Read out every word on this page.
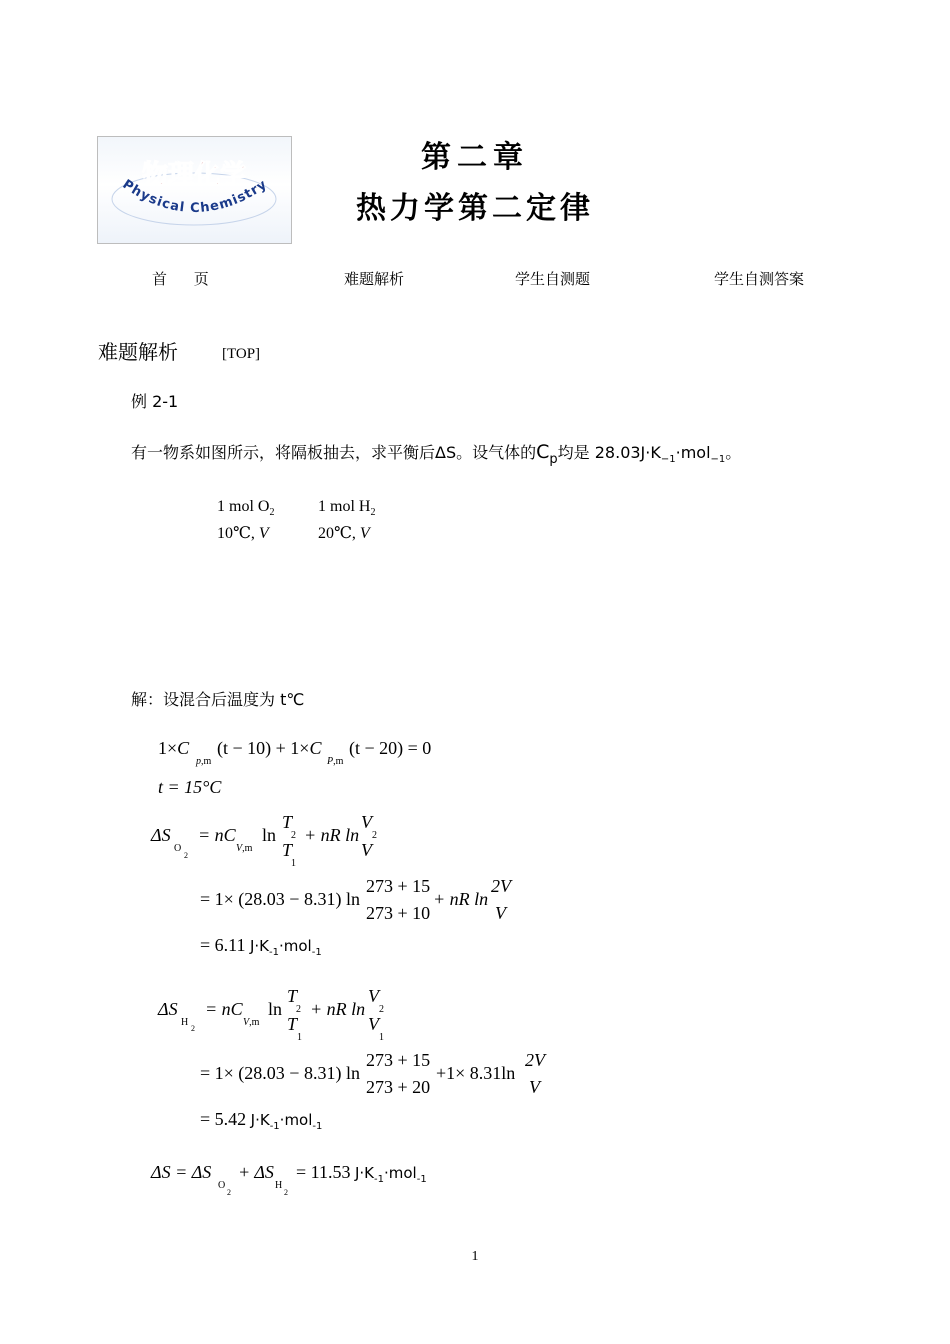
物理化学
Physical Chemistry
第二章
热力学第二定律
首 页	难题解析	学生自测题	学生自测答案
难题解析	[TOP]
例 2-1
有一物系如图所示，将隔板抽去，求平衡后ΔS。设气体的$C_p$均是 $28.03J\cdot K_{-1}\cdot mol_{-1}$。
1 mol $O_2$	1 mol $H_2$
10℃, V	20℃, V
解：设混合后温度为 t℃
1×C
p,m
(t − 10) + 1×C
P,m
(t − 20) = 0
t = 15°C
ΔS
O
2
= nC
V,m
ln
T
2
T
1
+ nR ln
V
2
V
= 1× (28.03 − 8.31) ln
273 + 15
273 + 10
+ nR ln
2V
V
= 6.11 $J\cdot K_{-1}\cdot mol_{-1}$
ΔS
H
2
= nC
V,m
ln
T
2
T
1
+ nR ln
V
2
V
1
= 1× (28.03 − 8.31) ln
273 + 15
273 + 20
+1× 8.31ln
2V
V
= 5.42 $J\cdot K_{-1}\cdot mol_{-1}$
ΔS = ΔS
O
2
+ ΔS
H
2
= 11.53 $J\cdot K_{-1}\cdot mol_{-1}$
1
